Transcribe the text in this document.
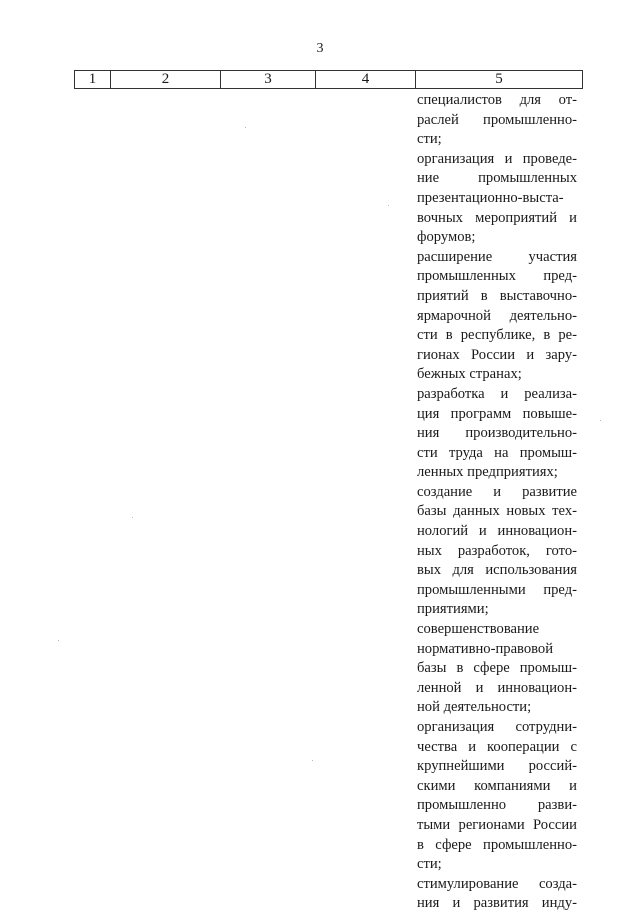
3
1	2	3	4	5
специалистов для от-
раслей промышленно-
сти;
организация и проведе-
ние промышленных
презентационно-выста-
вочных мероприятий и
форумов;
расширение участия
промышленных пред-
приятий в выставочно-
ярмарочной деятельно-
сти в республике, в ре-
гионах России и зару-
бежных странах;
разработка и реализа-
ция программ повыше-
ния производительно-
сти труда на промыш-
ленных предприятиях;
создание и развитие
базы данных новых тех-
нологий и инновацион-
ных разработок, гото-
вых для использования
промышленными пред-
приятиями;
совершенствование
нормативно-правовой
базы в сфере промыш-
ленной и инновацион-
ной деятельности;
организация сотрудни-
чества и кооперации с
крупнейшими россий-
скими компаниями и
промышленно разви-
тыми регионами России
в сфере промышленно-
сти;
стимулирование созда-
ния и развития инду-
